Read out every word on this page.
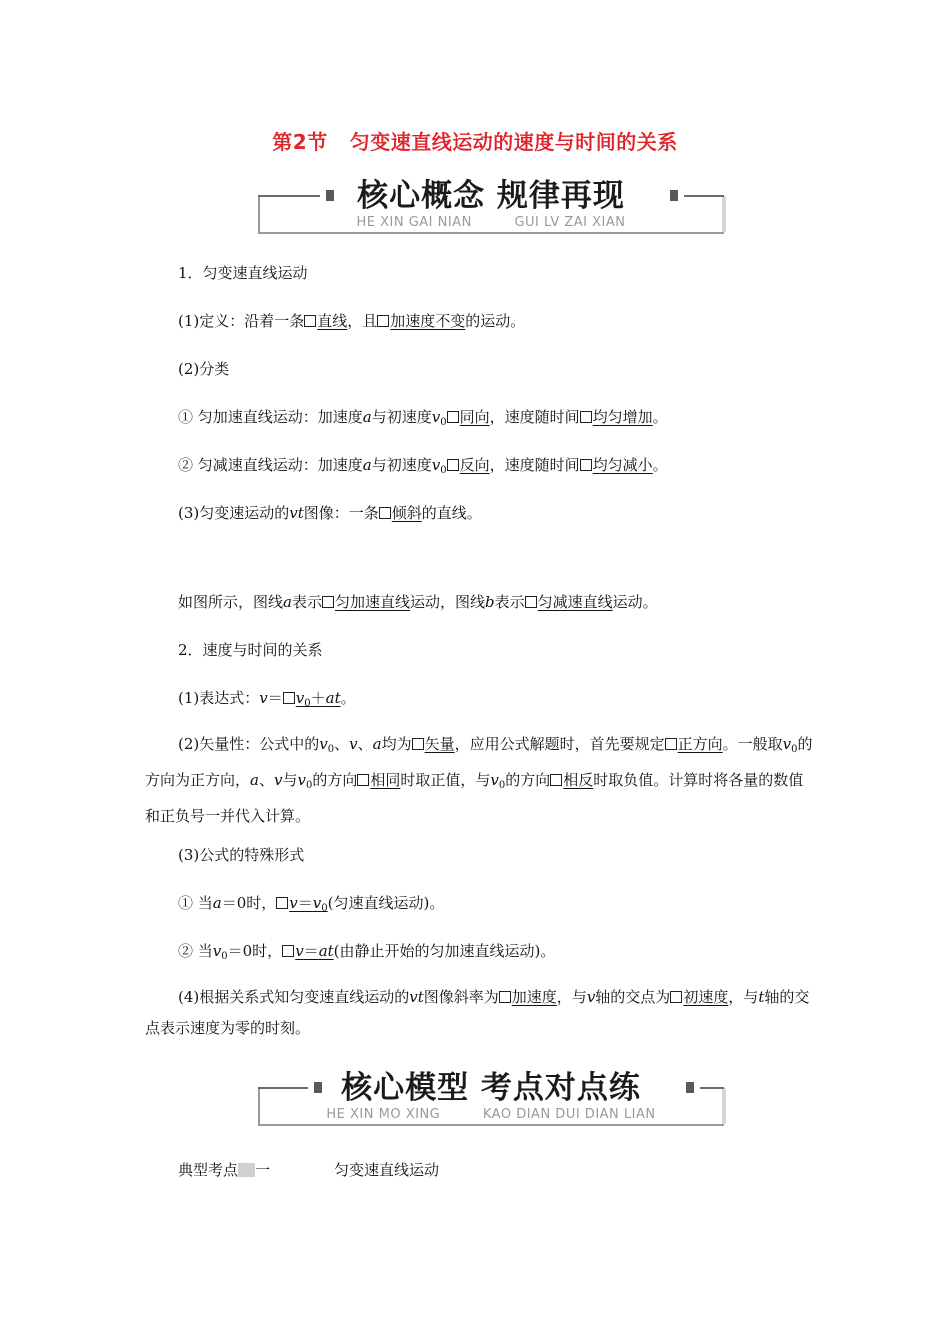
第2节 匀变速直线运动的速度与时间的关系
核心概念 规律再现
HE XIN GAI NIAN	GUI LV ZAI XIAN
1．匀变速直线运动
(1)定义：沿着一条 直线，且 加速度不变的运动。
(2)分类
① 匀加速直线运动：加速度a与初速度$v_0$ 同向，速度随时间 均匀增加。
② 匀减速直线运动：加速度a与初速度$v_0$ 反向，速度随时间 均匀减小。
(3)匀变速运动的vt图像：一条 倾斜的直线。
如图所示，图线a表示 匀加速直线运动，图线b表示 匀减速直线运动。
2．速度与时间的关系
(1)表达式：$v= v_0+at$。
(2)矢量性：公式中的$v_0$、v、a均为 矢量，应用公式解题时，首先要规定 正方向。一般取$v_0$的方向为正方向，a、v与$v_0$的方向 相同时取正值，与$v_0$的方向 相反时取负值。计算时将各量的数值和正负号一并代入计算。
(3)公式的特殊形式
① 当a＝0时， $v=v_0$(匀速直线运动)。
② 当$v_0=0$时， v＝at(由静止开始的匀加速直线运动)。
(4)根据关系式知匀变速直线运动的vt图像斜率为 加速度，与v轴的交点为 初速度，与t轴的交点表示速度为零的时刻。
核心模型 考点对点练
HE XIN MO XING	KAO DIAN DUI DIAN LIAN
典型考点 一	匀变速直线运动
